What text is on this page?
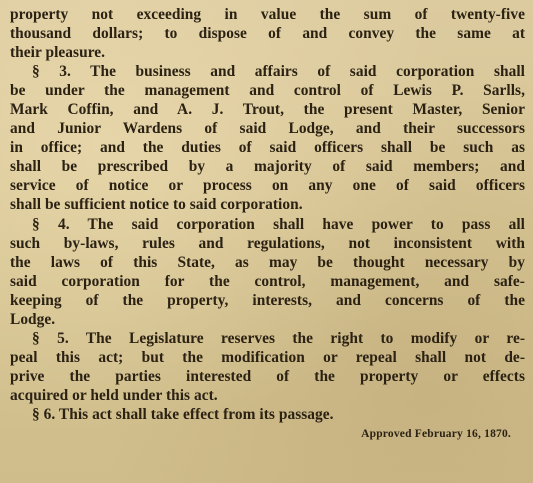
property not exceeding in value the sum of twenty-five
thousand dollars; to dispose of and convey the same at
their pleasure.

§ 3. The business and affairs of said corporation shall
be under the management and control of Lewis P. Sarlls,
Mark Coffin, and A. J. Trout, the present Master, Senior
and Junior Wardens of said Lodge, and their successors
in office; and the duties of said officers shall be such as
shall be prescribed by a majority of said members; and
service of notice or process on any one of said officers
shall be sufficient notice to said corporation.

§ 4. The said corporation shall have power to pass all
such by-laws, rules and regulations, not inconsistent with
the laws of this State, as may be thought necessary by
said corporation for the control, management, and safe-
keeping of the property, interests, and concerns of the
Lodge.

§ 5. The Legislature reserves the right to modify or re-
peal this act; but the modification or repeal shall not de-
prive the parties interested of the property or effects
acquired or held under this act.

§ 6. This act shall take effect from its passage.

Approved February 16, 1870.
